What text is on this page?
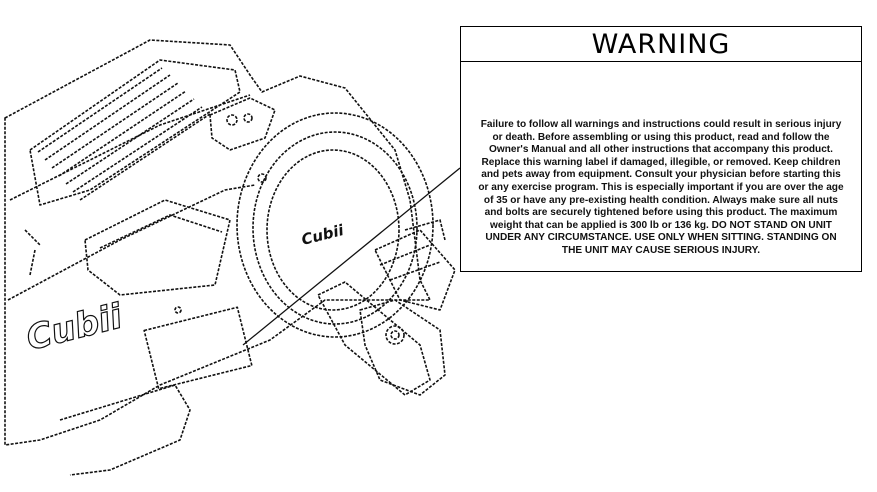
Cubii
Cubii
WARNING
Failure to follow all warnings and instructions could result in serious injury or death. Before assembling or using this product, read and follow the Owner's Manual and all other instructions that accompany this product. Replace this warning label if damaged, illegible, or removed. Keep children and pets away from equipment. Consult your physician before starting this or any exercise program. This is especially important if you are over the age of 35 or have any pre-existing health condition. Always make sure all nuts and bolts are securely tightened before using this product. The maximum weight that can be applied is 300 lb or 136 kg. DO NOT STAND ON UNIT UNDER ANY CIRCUMSTANCE. USE ONLY WHEN SITTING. STANDING ON THE UNIT MAY CAUSE SERIOUS INJURY.
